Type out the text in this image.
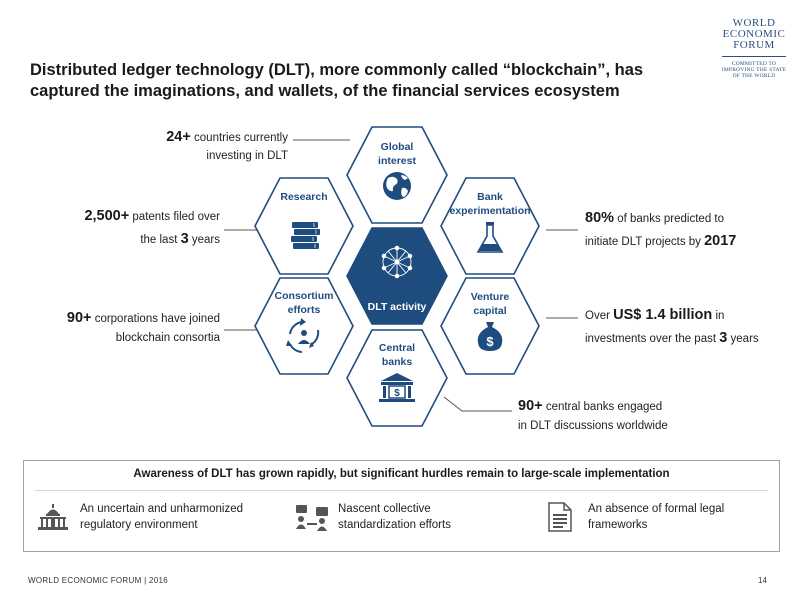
WORLD
ECONOMIC
FORUM
COMMITTED TO
IMPROVING THE STATE
OF THE WORLD
Distributed ledger technology (DLT), more commonly called “blockchain”, has captured the imaginations, and wallets, of the financial services ecosystem
$
$
Global
interest
Research	Bank
experimentation
DLT activity
Consortium
efforts
Venture
capital
Central
banks
24+ countries currently
investing in DLT
2,500+ patents filed over
the last 3 years
90+ corporations have joined
blockchain consortia
80% of banks predicted to
initiate DLT projects by 2017
Over US$ 1.4 billion in
investments over the past 3 years
90+ central banks engaged
in DLT discussions worldwide
Awareness of DLT has grown rapidly, but significant hurdles remain to large-scale implementation
An uncertain and unharmonized
regulatory environment
Nascent collective
standardization efforts
An absence of formal legal
frameworks
WORLD ECONOMIC FORUM | 2016	14
